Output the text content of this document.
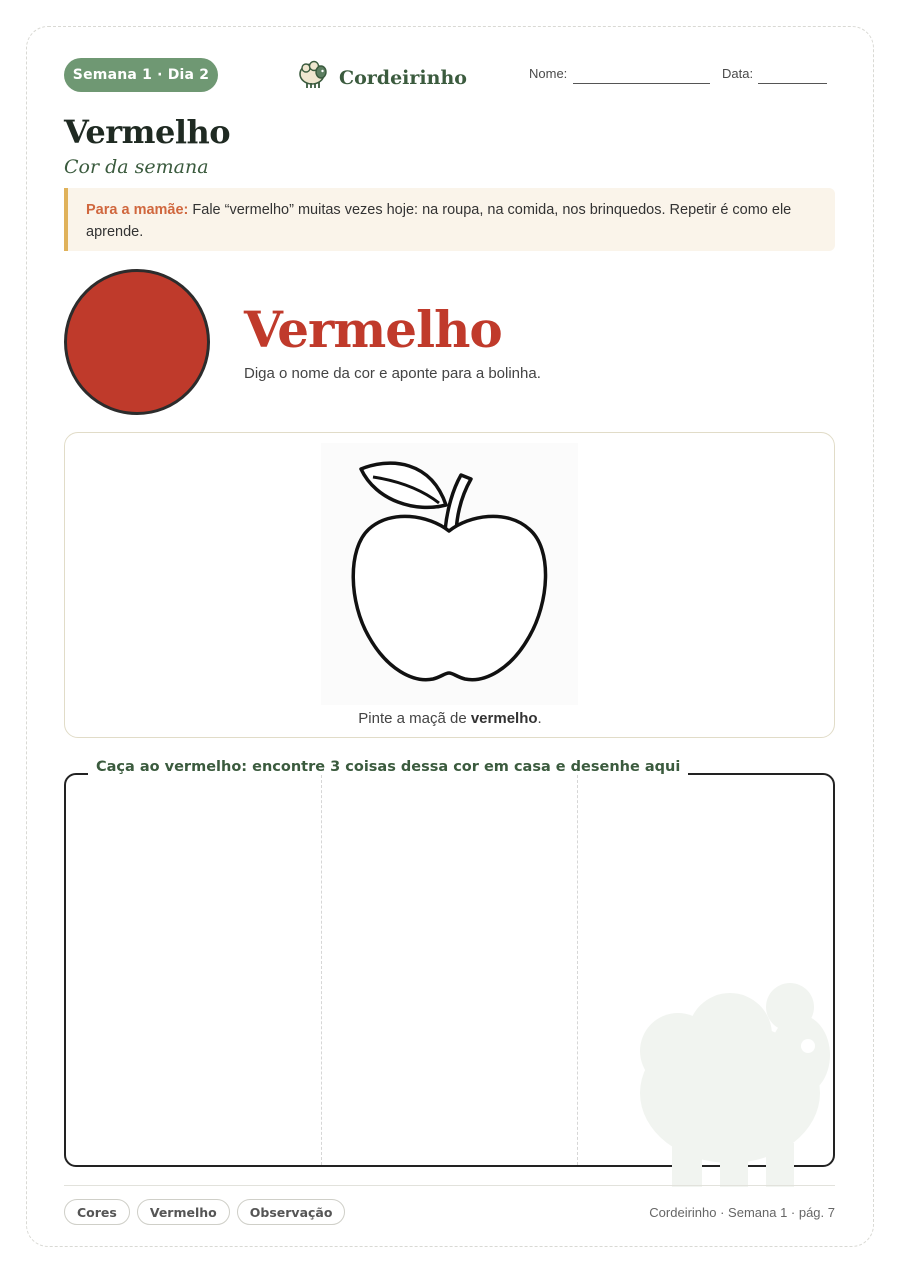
Semana 1 · Dia 2	Cordeirinho	Nome:	Data:
Vermelho
Cor da semana
Para a mamãe: Fale “vermelho” muitas vezes hoje: na roupa, na comida, nos brinquedos. Repetir é como ele aprende.
Vermelho
Diga o nome da cor e aponte para a bolinha.
Pinte a maçã de vermelho.
Caça ao vermelho: encontre 3 coisas dessa cor em casa e desenhe aqui
Cores	Vermelho	Observação	Cordeirinho · Semana 1 · pág. 7
